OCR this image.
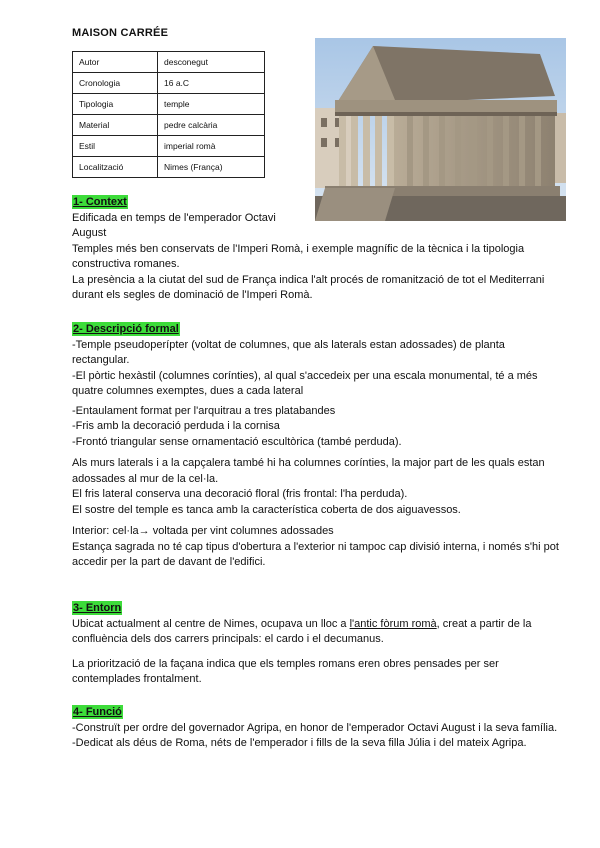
MAISON CARRÉE
Autor	desconegut
Cronologia	16 a.C
Tipologia	temple
Material	pedre calcària
Estil	imperial romà
Localització	Nimes (França)
1- Context

Edificada en temps de l'emperador Octavi

August

Temples més ben conservats de l'Imperi Romà, i exemple magnífic de la tècnica i la tipologia constructiva romanes.

La presència a la ciutat del sud de França indica l'alt procés de romanització de tot el Mediterrani durant els segles de dominació de l'Imperi Romà.

2- Descripció formal

-Temple pseudoperípter (voltat de columnes, que als laterals estan adossades) de planta rectangular.

-El pòrtic hexàstil (columnes corínties), al qual s'accedeix per una escala monumental, té a més quatre columnes exemptes, dues a cada lateral

-Entaulament format per l'arquitrau a tres platabandes

-Fris amb la decoració perduda i la cornisa

-Frontó triangular sense ornamentació escultòrica (també perduda).

Als murs laterals i a la capçalera també hi ha columnes corínties, la major part de les quals estan adossades al mur de la cel·la.

El fris lateral conserva una decoració floral (fris frontal: l'ha perduda).

El sostre del temple es tanca amb la característica coberta de dos aiguavessos.

Interior: cel·la→ voltada per vint columnes adossades

Estança sagrada no té cap tipus d'obertura a l'exterior ni tampoc cap divisió interna, i només s'hi pot accedir per la part de davant de l'edifici.

3- Entorn

Ubicat actualment al centre de Nimes, ocupava un lloc a l'antic fòrum romà, creat a partir de la confluència dels dos carrers principals: el cardo i el decumanus.

La priorització de la façana indica que els temples romans eren obres pensades per ser contemplades frontalment.

4- Funció

-Construït per ordre del governador Agripa, en honor de l'emperador Octavi August i la seva família. -Dedicat als déus de Roma, néts de l'emperador i fills de la seva filla Júlia i del mateix Agripa.
